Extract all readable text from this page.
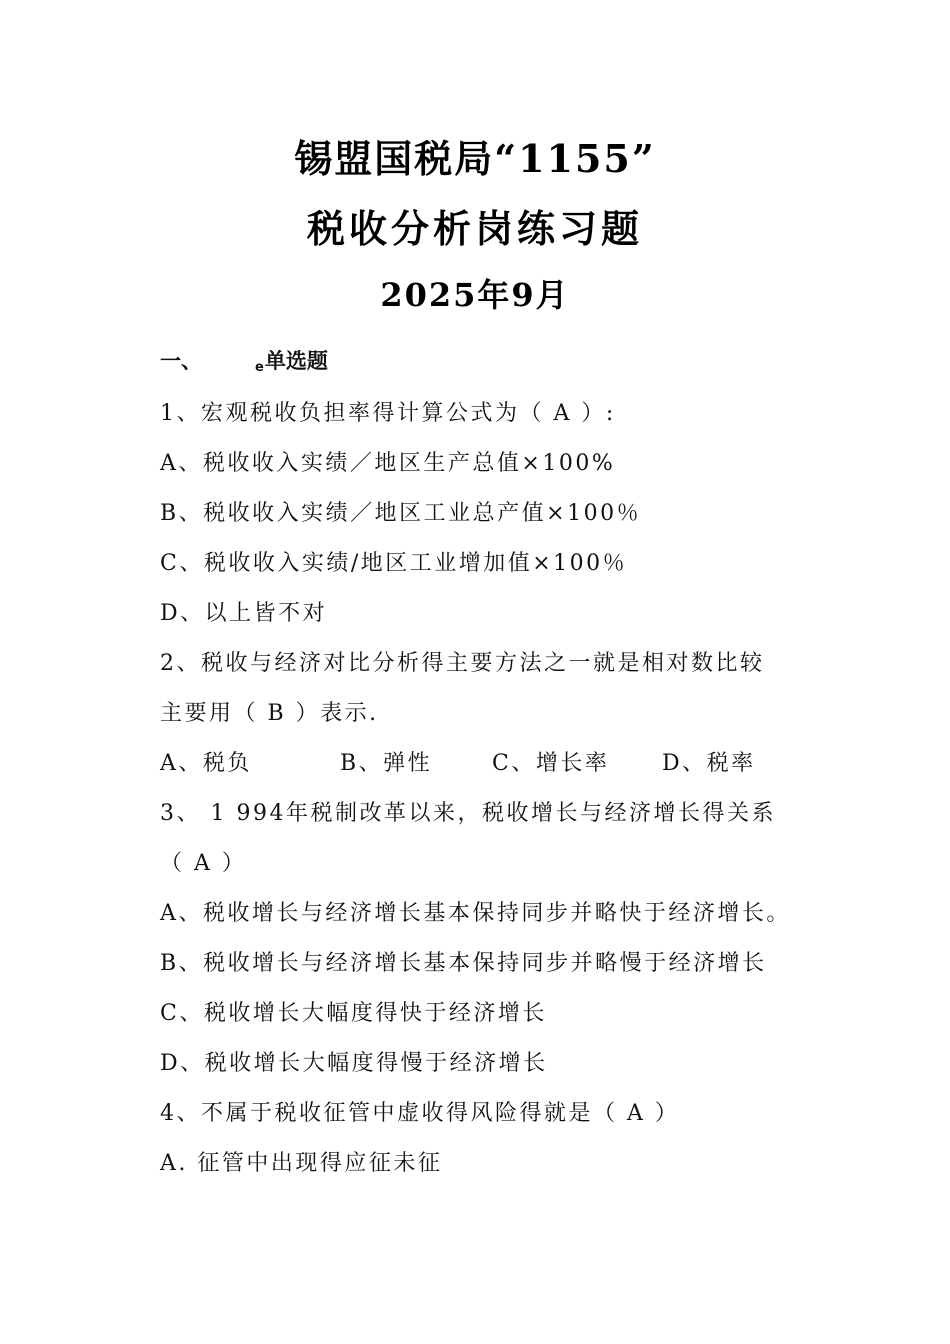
锡盟国税局“1155”
税收分析岗练习题
2025年9月
一、	e单选题
1、宏观税收负担率得计算公式为（ A ）:
A、税收收入实绩／地区生产总值×100%
B、税收收入实绩／地区工业总产值×100％
C、税收收入实绩/地区工业增加值×100％
D、以上皆不对
2、税收与经济对比分析得主要方法之一就是相对数比较
主要用（ B ）表示.
A、税负	B、弹性	C、增长率 D、税率
3、 1 994年税制改革以来，税收增长与经济增长得关系
（ A ）
A、税收增长与经济增长基本保持同步并略快于经济增长。
B、税收增长与经济增长基本保持同步并略慢于经济增长
C、税收增长大幅度得快于经济增长
D、税收增长大幅度得慢于经济增长
4、不属于税收征管中虚收得风险得就是（ A ）
A. 征管中出现得应征未征
